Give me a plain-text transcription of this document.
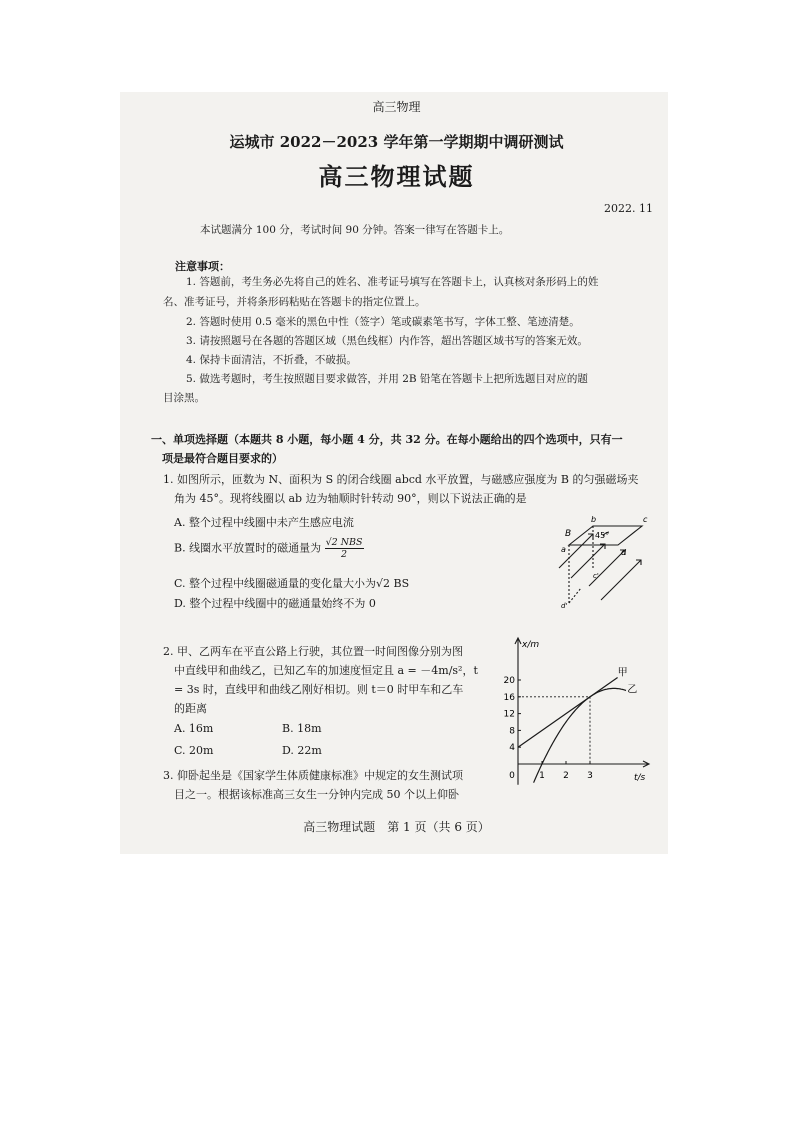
高三物理
运城市 2022－2023 学年第一学期期中调研测试
高三物理试题
2022. 11
本试题满分 100 分，考试时间 90 分钟。答案一律写在答题卡上。
注意事项：
1. 答题前，考生务必先将自己的姓名、准考证号填写在答题卡上，认真核对条形码上的姓
名、准考证号，并将条形码粘贴在答题卡的指定位置上。
2. 答题时使用 0.5 毫米的黑色中性（签字）笔或碳素笔书写，字体工整、笔迹清楚。
3. 请按照题号在各题的答题区域（黑色线框）内作答，超出答题区域书写的答案无效。
4. 保持卡面清洁，不折叠，不破损。
5. 做选考题时，考生按照题目要求做答，并用 2B 铅笔在答题卡上把所选题目对应的题
目涂黑。
一、单项选择题（本题共 8 小题，每小题 4 分，共 32 分。在每小题给出的四个选项中，只有一
项是最符合题目要求的）
1. 如图所示，匝数为 N、面积为 S 的闭合线圈 abcd 水平放置，与磁感应强度为 B 的匀强磁场夹
角为 45°。现将线圈以 ab 边为轴顺时针转动 90°，则以下说法正确的是
A. 整个过程中线圈中未产生感应电流
B. 线圈水平放置时的磁通量为 $\frac{\text{√2 NBS}}{2}$
C. 整个过程中线圈磁通量的变化量大小为√2 BS
D. 整个过程中线圈中的磁通量始终不为 0
b	c
B	45°
a	d
c'
d'
2. 甲、乙两车在平直公路上行驶，其位置一时间图像分别为图
中直线甲和曲线乙，已知乙车的加速度恒定且 a = －4m/s²，t
= 3s 时，直线甲和曲线乙刚好相切。则 t＝0 时甲车和乙车
的距离
A. 16m	B. 18m
C. 20m	D. 22m
x/m
t/s
4
8
12
16
20
0	1 2 3
甲
乙
3. 仰卧起坐是《国家学生体质健康标准》中规定的女生测试项
目之一。根据该标准高三女生一分钟内完成 50 个以上仰卧
高三物理试题　第 1 页（共 6 页）
